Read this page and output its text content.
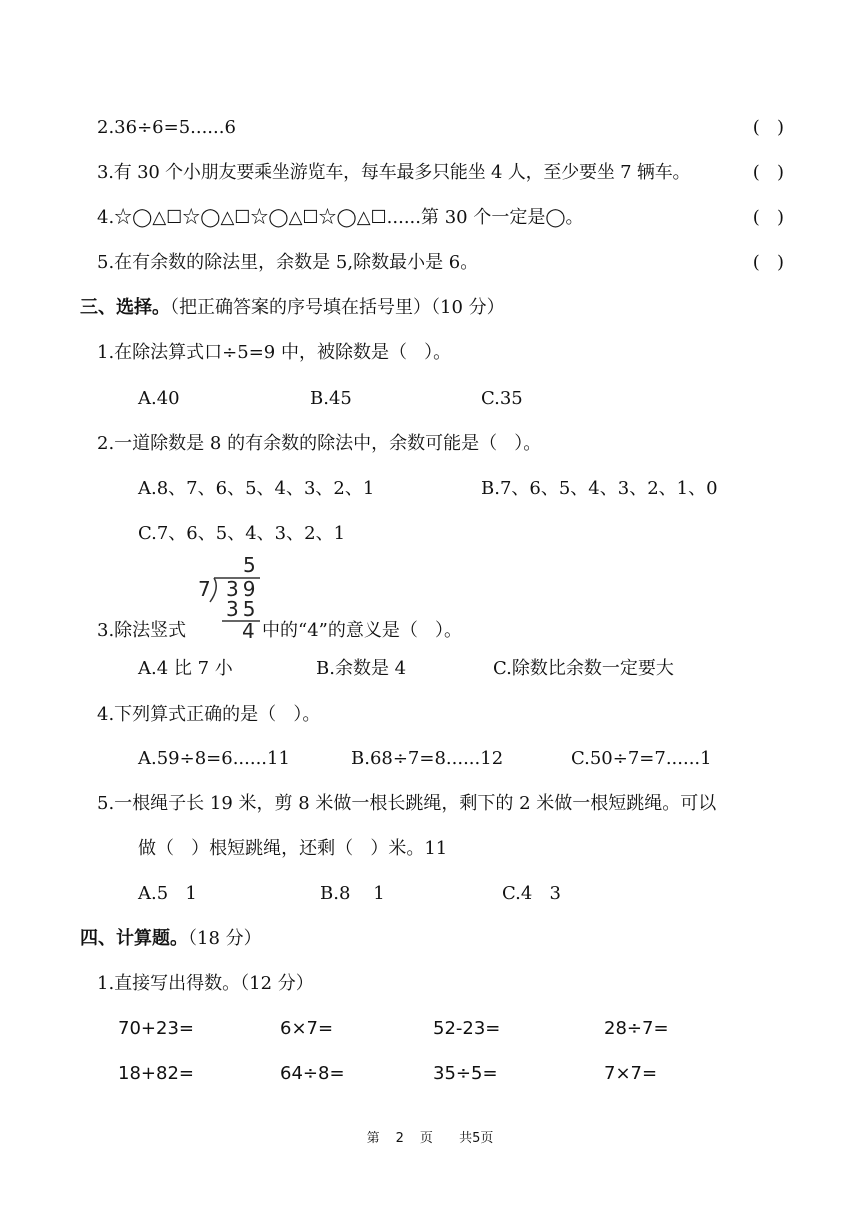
2.36÷6=5......6	(   )
3.有 30 个小朋友要乘坐游览车，每车最多只能坐 4 人，至少要坐 7 辆车。	(   )
4.☆◯△☐☆◯△☐☆◯△☐☆◯△☐......第 30 个一定是◯。	(   )
5.在有余数的除法里，余数是 5,除数最小是 6。	(   )
三、选择。（把正确答案的序号填在括号里）（10 分）
1.在除法算式口÷5=9 中，被除数是（   ）。
A.40	B.45	C.35
2.一道除数是 8 的有余数的除法中，余数可能是（   ）。
A.8、7、6、5、4、3、2、1	B.7、6、5、4、3、2、1、0
C.7、6、5、4、3、2、1
5
7 39
35
4
3.除法竖式	中的“4”的意义是（   ）。
A.4 比 7 小	B.余数是 4	C.除数比余数一定要大
4.下列算式正确的是（   ）。
A.59÷8=6......11	B.68÷7=8......12	C.50÷7=7......1
5.一根绳子长 19 米，剪 8 米做一根长跳绳，剩下的 2 米做一根短跳绳。可以
做（   ）根短跳绳，还剩（   ）米。11
A.5   1	B.8    1	C.4   3
四、计算题。（18 分）
1.直接写出得数。（12 分）
70+23=	6×7=	52-23=	28÷7=
18+82=	64÷8=	35÷5=	7×7=
第 2 页 共5页
